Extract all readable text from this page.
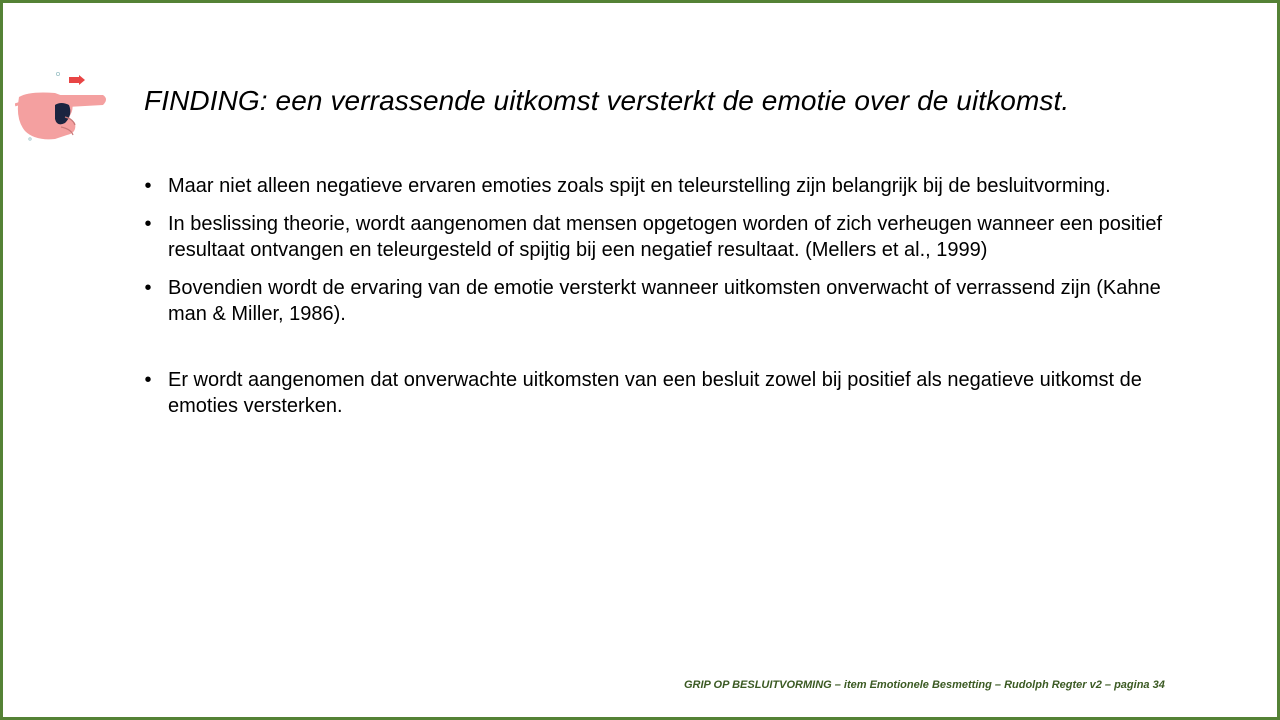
FINDING: een verrassende uitkomst versterkt de emotie over de uitkomst.
• Maar niet alleen negatieve ervaren emoties zoals spijt en teleurstelling zijn belangrijk bij de besluitvorming.
• In beslissing theorie, wordt aangenomen dat mensen opgetogen worden of zich verheugen wanneer een positief resultaat ontvangen en teleurgesteld of spijtig bij een negatief resultaat. (Mellers et al., 1999)
• Bovendien wordt de ervaring van de emotie versterkt wanneer uitkomsten onverwacht of verrassend zijn (Kahne man & Miller, 1986).
• Er wordt aangenomen dat onverwachte uitkomsten van een besluit zowel bij positief als negatieve uitkomst de emoties versterken.
GRIP OP BESLUITVORMING – item Emotionele Besmetting – Rudolph Regter v2 – pagina 34
